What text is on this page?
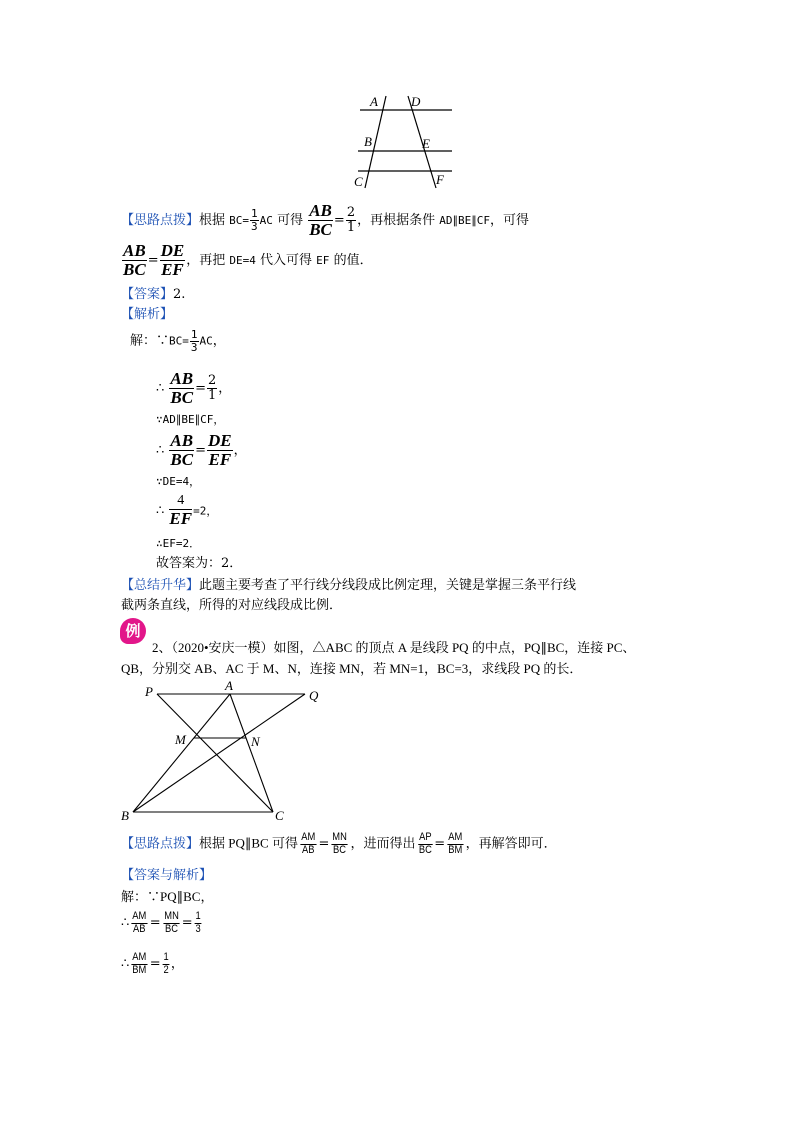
A	D
B	E
C	F
【思路点拨】根据 $BC= \frac{1}{3}$ AC 可得 $\frac{AB}{BC} = \frac{2}{1}$ ，再根据条件 AD∥BE∥CF，可得
$\frac{AB}{BC} = \frac{DE}{EF}$ ，再把 DE=4 代入可得 EF 的值．
【答案】2.
【解析】
解：∵BC= $\frac{1}{3}$ AC，
∴ $\frac{AB}{BC} = \frac{2}{1}$ ，
∵AD∥BE∥CF，
∴ $\frac{AB}{BC} = \frac{DE}{EF}$ ，
∵DE=4，
∴ $\frac{4}{EF} =2$，
∴EF=2．
故答案为：2．
【总结升华】此题主要考查了平行线分线段成比例定理，关键是掌握三条平行线
截两条直线，所得的对应线段成比例．
例
2、（2020•安庆一模）如图，△ABC 的顶点 A 是线段 PQ 的中点，PQ∥BC，连接 PC、
QB，分别交 AB、AC 于 M、N，连接 MN，若 MN=1，BC=3，求线段 PQ 的长．
P	A
Q
M	N
B	C
【思路点拨】根据 PQ∥BC 可得 $\frac{AM}{AB} = \frac{MN}{BC}$ ，进而得出 $\frac{AP}{BC} = \frac{AM}{BM}$ ，再解答即可．
【答案与解析】
解：∵PQ∥BC，
∴ $\frac{AM}{AB} = \frac{MN}{BC} = \frac{1}{3}$
∴ $\frac{AM}{BM} = \frac{1}{2}$ ，
